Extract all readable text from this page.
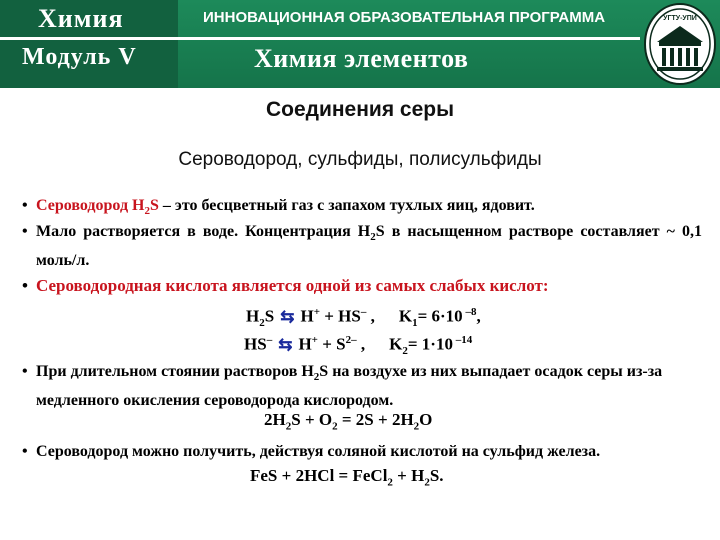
Химия
Модуль V
ИННОВАЦИОННАЯ ОБРАЗОВАТЕЛЬНАЯ ПРОГРАММА
Химия элементов
УГТУ-УПИ
Соединения серы
Сероводород, сульфиды, полисульфиды
• Сероводород $H_2S$ – это бесцветный газ с запахом тухлых яиц, ядовит.
• Мало растворяется в воде. Концентрация $H_2S$ в насыщенном растворе составляет ~ 0,1 моль/л.
• Сероводородная кислота является одной из самых слабых кислот:
$H_2S$ ⇆ H+ + HS– , $K_1= 6\cdot 10$ $^{-8}$,
HS– ⇆ $H^+ + S^{2-}$ , $K_2= 1\cdot 10$ $^{-14}$
• При длительном стоянии растворов $H_2S$ на воздухе из них выпадает осадок серы из-за медленного окисления сероводорода кислородом.
$2H_2S + O_2 = 2S + 2H_2O$
• Сероводород можно получить, действуя соляной кислотой на сульфид железа.
FeS + 2HCl = FeCl$_2$ + $H_2S$.
